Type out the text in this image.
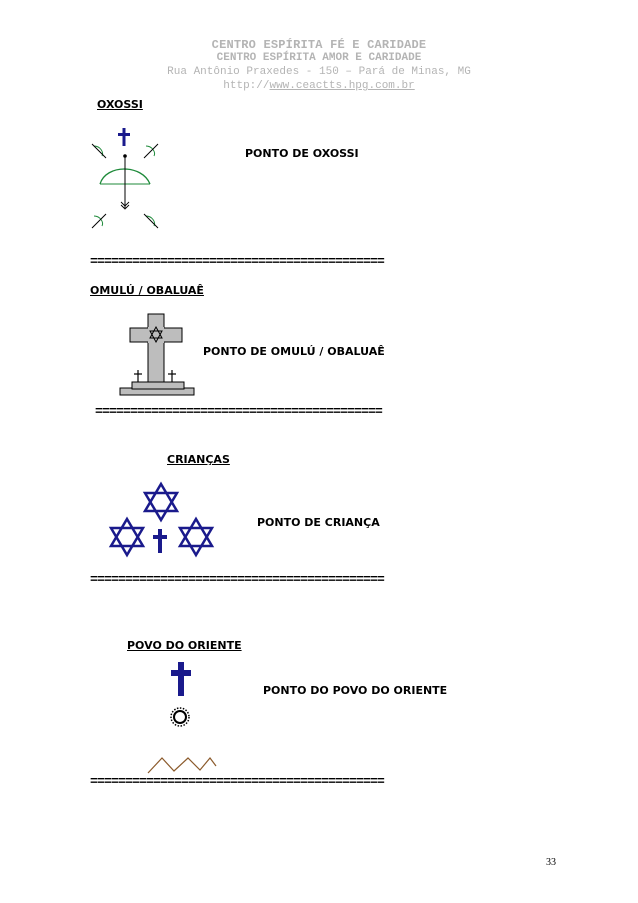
CENTRO ESPÍRITA FÉ E CARIDADE
CENTRO ESPÍRITA AMOR E CARIDADE
Rua Antônio Praxedes - 150 – Pará de Minas, MG
http://www.ceactts.hpg.com.br
OXOSSI
PONTO DE OXOSSI
==========================================
OMULÚ / OBALUAÊ
PONTO DE OMULÚ / OBALUAÊ
=========================================
CRIANÇAS
PONTO DE CRIANÇA
==========================================
POVO DO ORIENTE
PONTO DO POVO DO ORIENTE
==========================================
33
